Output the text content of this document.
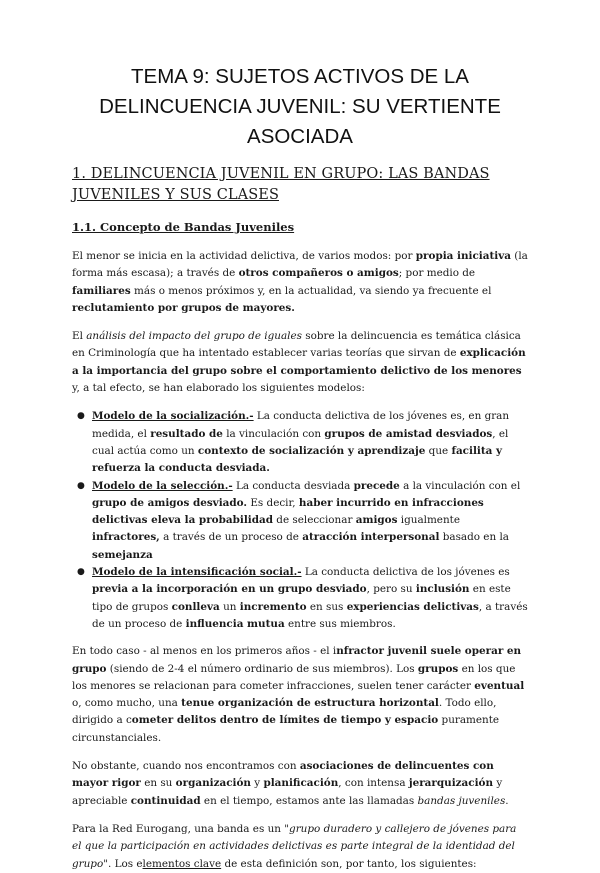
TEMA 9: SUJETOS ACTIVOS DE LA DELINCUENCIA JUVENIL: SU VERTIENTE ASOCIADA
1. DELINCUENCIA JUVENIL EN GRUPO: LAS BANDAS JUVENILES Y SUS CLASES
1.1. Concepto de Bandas Juveniles

El menor se inicia en la actividad delictiva, de varios modos: por propia iniciativa (la forma más escasa); a través de otros compañeros o amigos; por medio de familiares más o menos próximos y, en la actualidad, va siendo ya frecuente el reclutamiento por grupos de mayores.

El análisis del impacto del grupo de iguales sobre la delincuencia es temática clásica en Criminología que ha intentado establecer varias teorías que sirvan de explicación a la importancia del grupo sobre el comportamiento delictivo de los menores y, a tal efecto, se han elaborado los siguientes modelos:

● Modelo de la socialización.- La conducta delictiva de los jóvenes es, en gran medida, el resultado de la vinculación con grupos de amistad desviados, el cual actúa como un contexto de socialización y aprendizaje que facilita y refuerza la conducta desviada.
● Modelo de la selección.- La conducta desviada precede a la vinculación con el grupo de amigos desviado. Es decir, haber incurrido en infracciones delictivas eleva la probabilidad de seleccionar amigos igualmente infractores, a través de un proceso de atracción interpersonal basado en la semejanza
● Modelo de la intensificación social.- La conducta delictiva de los jóvenes es previa a la incorporación en un grupo desviado, pero su inclusión en este tipo de grupos conlleva un incremento en sus experiencias delictivas, a través de un proceso de influencia mutua entre sus miembros.

En todo caso - al menos en los primeros años - el infractor juvenil suele operar en grupo (siendo de 2-4 el número ordinario de sus miembros). Los grupos en los que los menores se relacionan para cometer infracciones, suelen tener carácter eventual o, como mucho, una tenue organización de estructura horizontal. Todo ello, dirigido a cometer delitos dentro de límites de tiempo y espacio puramente circunstanciales.

No obstante, cuando nos encontramos con asociaciones de delincuentes con mayor rigor en su organización y planificación, con intensa jerarquización y apreciable continuidad en el tiempo, estamos ante las llamadas bandas juveniles.

Para la Red Eurogang, una banda es un "grupo duradero y callejero de jóvenes para el que la participación en actividades delictivas es parte integral de la identidad del grupo". Los elementos clave de esta definición son, por tanto, los siguientes:
